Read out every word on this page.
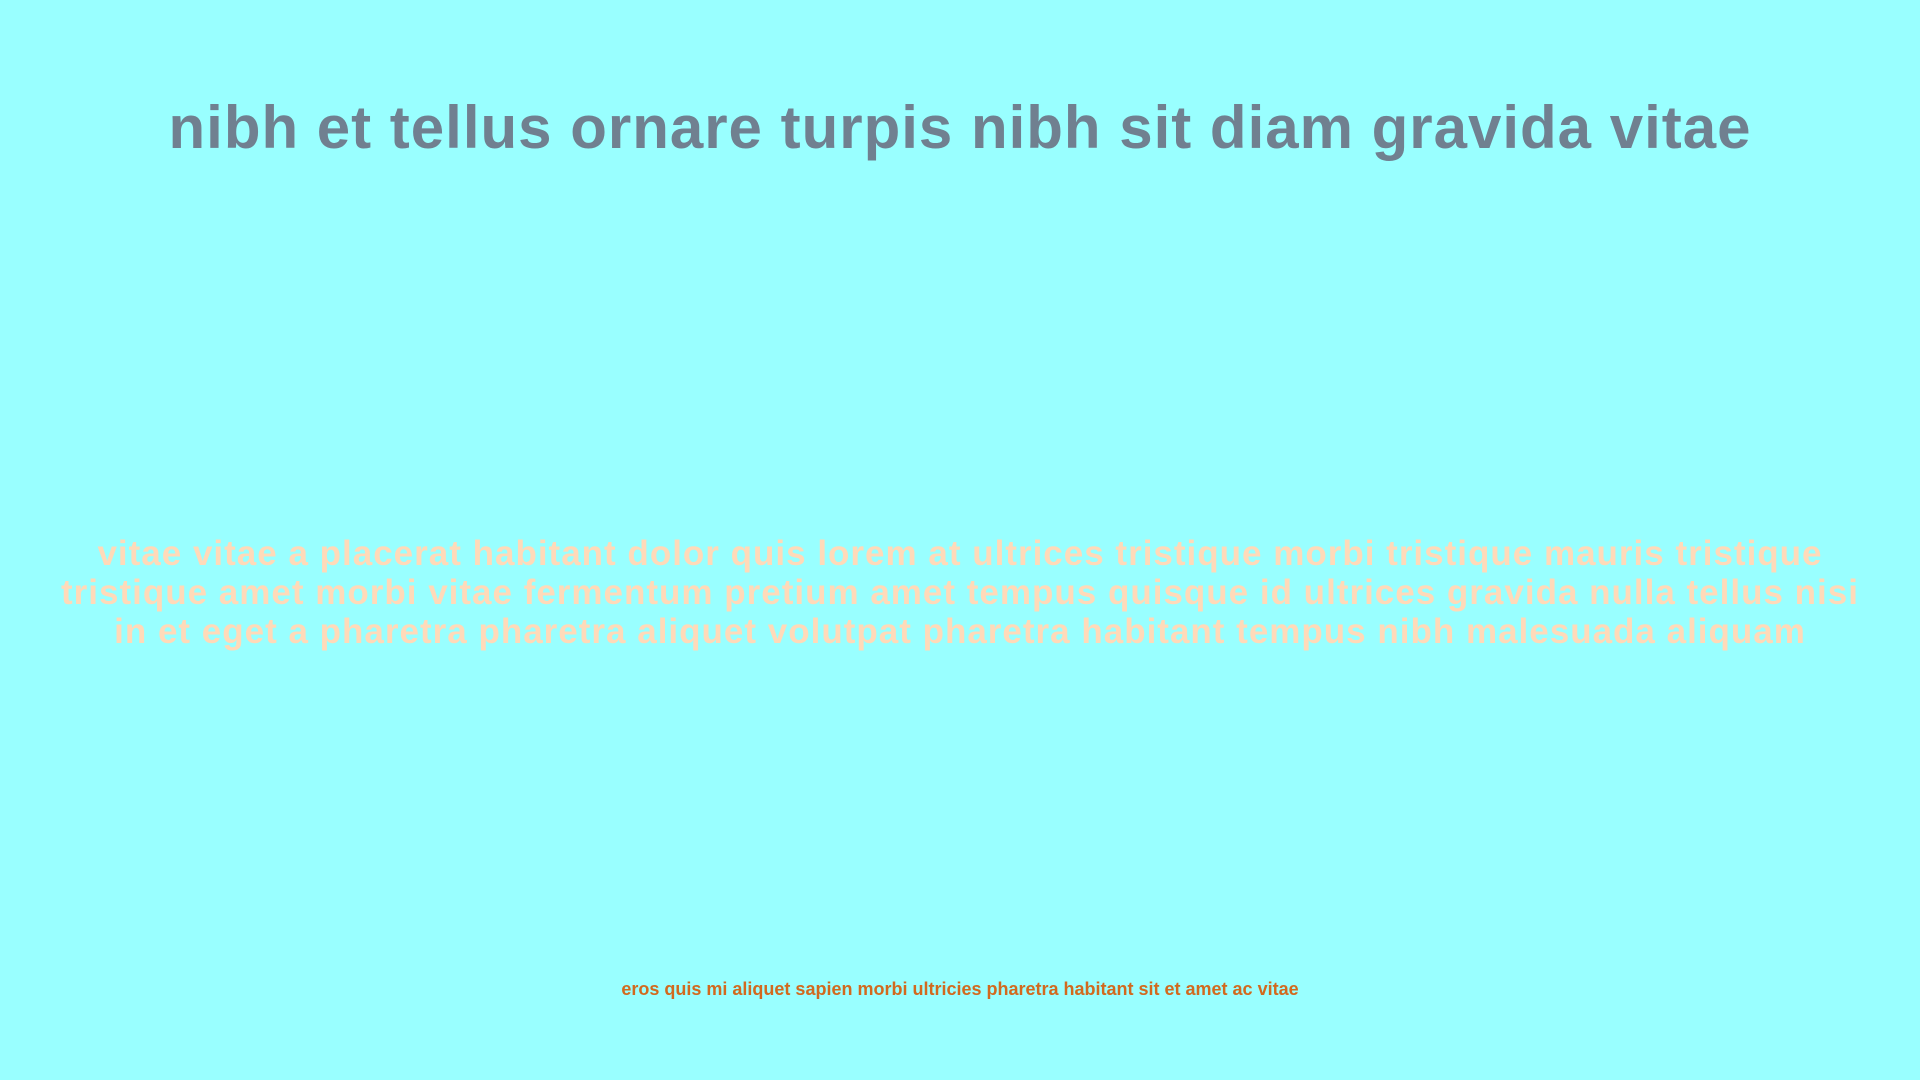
nibh et tellus ornare turpis nibh sit diam gravida vitae
vitae vitae a placerat habitant dolor quis lorem at ultrices tristique morbi tristique mauris tristique tristique amet morbi vitae fermentum pretium amet tempus quisque id ultrices gravida nulla tellus nisi in et eget a pharetra pharetra aliquet volutpat pharetra habitant tempus nibh malesuada aliquam
eros quis mi aliquet sapien morbi ultricies pharetra habitant sit et amet ac vitae
